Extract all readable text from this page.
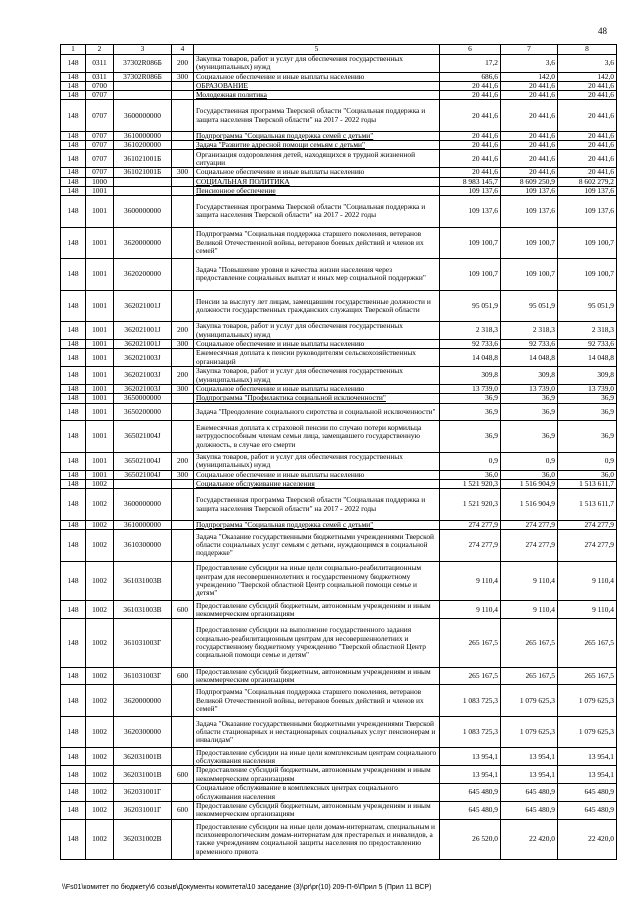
48
1	2	3	4	5	6	7	8
148	0311	37302R086Б	200	Закупка товаров, работ и услуг для обеспечения государственных (муниципальных) нужд	17,2	3,6	3,6
148	0311	37302R086Б	300	Социальное обеспечение и иные выплаты населению	686,6	142,0	142,0
148	0700			ОБРАЗОВАНИЕ	20 441,6	20 441,6	20 441,6
148	0707			Молодежная политика	20 441,6	20 441,6	20 441,6
148	0707	3600000000		Государственная программа Тверской области "Социальная поддержка и защита населения Тверской области" на 2017 - 2022 годы	20 441,6	20 441,6	20 441,6
148	0707	3610000000		Подпрограмма "Социальная поддержка семей с детьми"	20 441,6	20 441,6	20 441,6
148	0707	3610200000		Задача "Развитие адресной помощи семьям с детьми"	20 441,6	20 441,6	20 441,6
148	0707	361021001Б		Организация оздоровления детей, находящихся в трудной жизненной ситуации	20 441,6	20 441,6	20 441,6
148	0707	361021001Б	300	Социальное обеспечение и иные выплаты населению	20 441,6	20 441,6	20 441,6
148	1000			СОЦИАЛЬНАЯ ПОЛИТИКА	8 983 145,7	8 609 250,9	8 602 279,2
148	1001			Пенсионное обеспечение	109 137,6	109 137,6	109 137,6
148	1001	3600000000		Государственная программа Тверской области "Социальная поддержка и защита населения Тверской области" на 2017 - 2022 годы	109 137,6	109 137,6	109 137,6
148	1001	3620000000		Подпрограмма "Социальная поддержка старшего поколения, ветеранов Великой Отечественной войны, ветеранов боевых действий и членов их семей"	109 100,7	109 100,7	109 100,7
148	1001	3620200000		Задача "Повышение уровня и качества жизни населения через предоставление социальных выплат и иных мер социальной поддержки"	109 100,7	109 100,7	109 100,7
148	1001	362021001J		Пенсии за выслугу лет лицам, замещавшим государственные должности и должности государственных гражданских служащих Тверской области	95 051,9	95 051,9	95 051,9
148	1001	362021001J	200	Закупка товаров, работ и услуг для обеспечения государственных (муниципальных) нужд	2 318,3	2 318,3	2 318,3
148	1001	362021001J	300	Социальное обеспечение и иные выплаты населению	92 733,6	92 733,6	92 733,6
148	1001	362021003J		Ежемесячная доплата к пенсии руководителям сельскохозяйственных организаций	14 048,8	14 048,8	14 048,8
148	1001	362021003J	200	Закупка товаров, работ и услуг для обеспечения государственных (муниципальных) нужд	309,8	309,8	309,8
148	1001	362021003J	300	Социальное обеспечение и иные выплаты населению	13 739,0	13 739,0	13 739,0
148	1001	3650000000		Подпрограмма "Профилактика социальной исключенности"	36,9	36,9	36,9
148	1001	3650200000		Задача "Преодоление социального сиротства и социальной исключенности"	36,9	36,9	36,9
148	1001	365021004J		Ежемесячная доплата к страховой пенсии по случаю потери кормильца нетрудоспособным членам семьи лица, замещавшего государственную должность, в случае его смерти	36,9	36,9	36,9
148	1001	365021004J	200	Закупка товаров, работ и услуг для обеспечения государственных (муниципальных) нужд	0,9	0,9	0,9
148	1001	365021004J	300	Социальное обеспечение и иные выплаты населению	36,0	36,0	36,0
148	1002			Социальное обслуживание населения	1 521 920,3	1 516 904,9	1 513 611,7
148	1002	3600000000		Государственная программа Тверской области "Социальная поддержка и защита населения Тверской области" на 2017 - 2022 годы	1 521 920,3	1 516 904,9	1 513 611,7
148	1002	3610000000		Подпрограмма "Социальная поддержка семей с детьми"	274 277,9	274 277,9	274 277,9
148	1002	3610300000		Задача "Оказание государственными бюджетными учреждениями Тверской области социальных услуг семьям с детьми, нуждающимся в социальной поддержке"	274 277,9	274 277,9	274 277,9
148	1002	361031003В		Предоставление субсидии на иные цели социально-реабилитационным центрам для несовершеннолетних и государственному бюджетному учреждению "Тверской областной Центр социальной помощи семье и детям"	9 110,4	9 110,4	9 110,4
148	1002	361031003В	600	Предоставление субсидий бюджетным, автономным учреждениям и иным некоммерческим организациям	9 110,4	9 110,4	9 110,4
148	1002	361031003Г		Предоставление субсидии на выполнение государственного задания социально-реабилитационным центрам для несовершеннолетних и государственному бюджетному учреждению "Тверской областной Центр социальной помощи семье и детям"	265 167,5	265 167,5	265 167,5
148	1002	361031003Г	600	Предоставление субсидий бюджетным, автономным учреждениям и иным некоммерческим организациям	265 167,5	265 167,5	265 167,5
148	1002	3620000000		Подпрограмма "Социальная поддержка старшего поколения, ветеранов Великой Отечественной войны, ветеранов боевых действий и членов их семей"	1 083 725,3	1 079 625,3	1 079 625,3
148	1002	3620300000		Задача "Оказание государственными бюджетными учреждениями Тверской области стационарных и нестационарных социальных услуг пенсионерам и инвалидам"	1 083 725,3	1 079 625,3	1 079 625,3
148	1002	362031001В		Предоставление субсидии на иные цели комплексным центрам социального обслуживания населения	13 954,1	13 954,1	13 954,1
148	1002	362031001В	600	Предоставление субсидий бюджетным, автономным учреждениям и иным некоммерческим организациям	13 954,1	13 954,1	13 954,1
148	1002	362031001Г		Социальное обслуживание в комплексных центрах социального обслуживания населения	645 480,9	645 480,9	645 480,9
148	1002	362031001Г	600	Предоставление субсидий бюджетным, автономным учреждениям и иным некоммерческим организациям	645 480,9	645 480,9	645 480,9
148	1002	362031002В		Предоставление субсидии на иные цели домам-интернатам, специальным и психоневрологическим домам-интернатам для престарелых и инвалидов, а также учреждениям социальной защиты населения по предоставлению временного приюта	26 520,0	22 420,0	22 420,0
\\Fs01\комитет по бюджету\6 созыв\Документы комитета\10 заседание (3)\pr\pr(10) 209-П-6\Прил 5 (Прил 11 ВСР)
